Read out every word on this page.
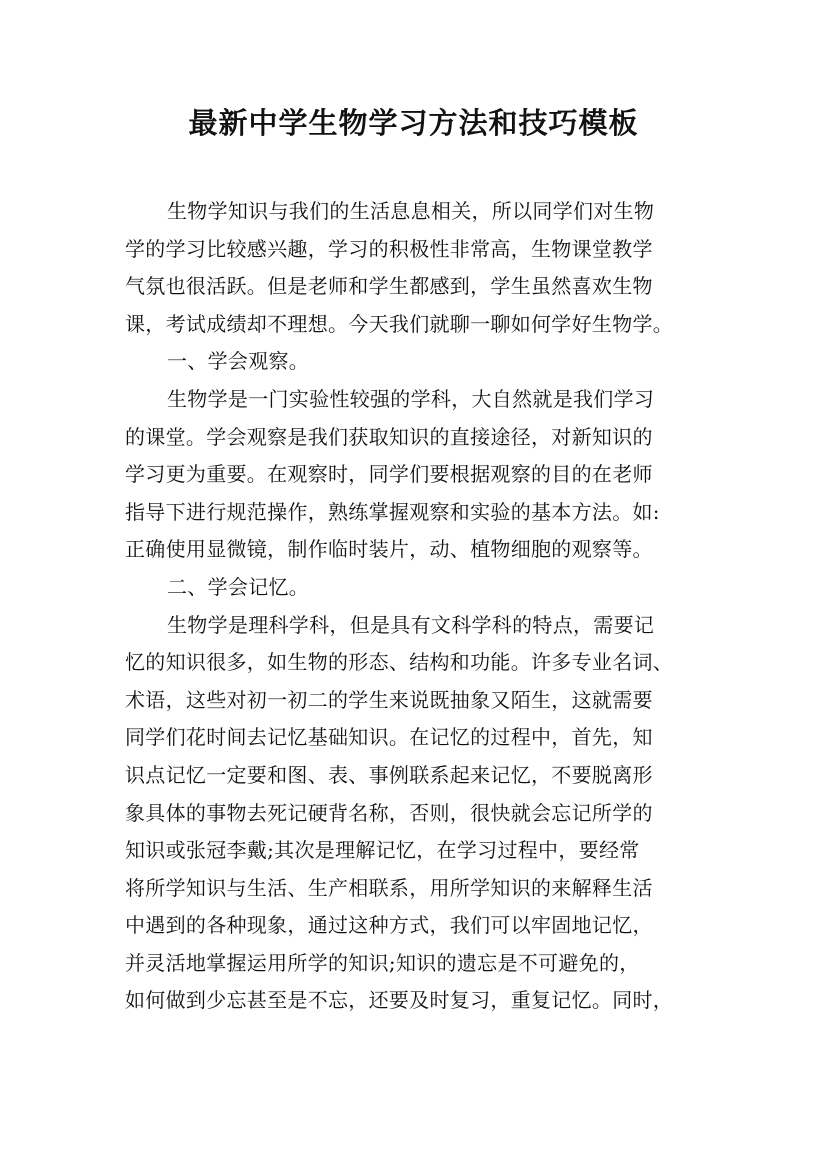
最新中学生物学习方法和技巧模板
生物学知识与我们的生活息息相关，所以同学们对生物
学的学习比较感兴趣，学习的积极性非常高，生物课堂教学
气氛也很活跃。但是老师和学生都感到，学生虽然喜欢生物
课，考试成绩却不理想。今天我们就聊一聊如何学好生物学。
一、学会观察。
生物学是一门实验性较强的学科，大自然就是我们学习
的课堂。学会观察是我们获取知识的直接途径，对新知识的
学习更为重要。在观察时，同学们要根据观察的目的在老师
指导下进行规范操作，熟练掌握观察和实验的基本方法。如:
正确使用显微镜，制作临时装片，动、植物细胞的观察等。
二、学会记忆。
生物学是理科学科，但是具有文科学科的特点，需要记
忆的知识很多，如生物的形态、结构和功能。许多专业名词、
术语，这些对初一初二的学生来说既抽象又陌生，这就需要
同学们花时间去记忆基础知识。在记忆的过程中，首先，知
识点记忆一定要和图、表、事例联系起来记忆，不要脱离形
象具体的事物去死记硬背名称，否则，很快就会忘记所学的
知识或张冠李戴;其次是理解记忆，在学习过程中，要经常
将所学知识与生活、生产相联系，用所学知识的来解释生活
中遇到的各种现象，通过这种方式，我们可以牢固地记忆，
并灵活地掌握运用所学的知识;知识的遗忘是不可避免的，
如何做到少忘甚至是不忘，还要及时复习，重复记忆。同时，
